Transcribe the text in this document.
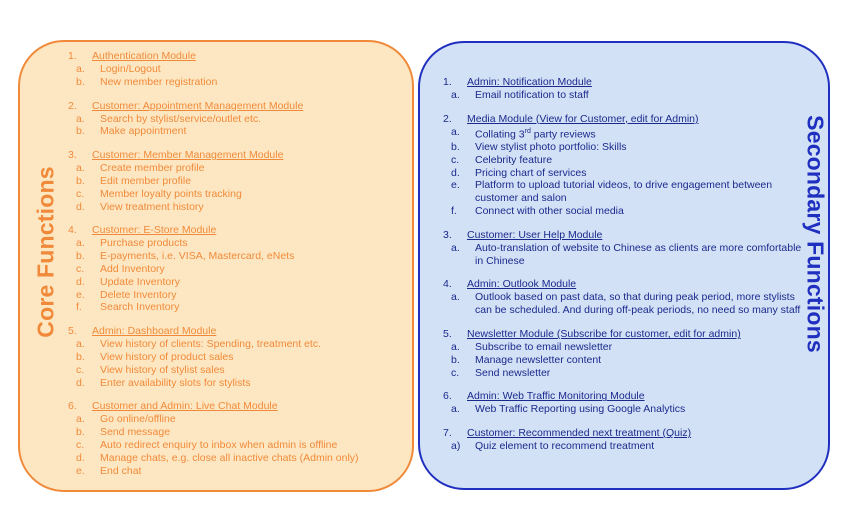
Core Functions	Secondary Functions
1.	Authentication Module
a.	Login/Logout
b.	New member registration
2.	Customer: Appointment Management Module
a.	Search by stylist/service/outlet etc.
b.	Make appointment
3.	Customer: Member Management Module
a.	Create member profile
b.	Edit member profile
c.	Member loyalty points tracking
d.	View treatment history
4.	Customer: E-Store Module
a.	Purchase products
b.	E-payments, i.e. VISA, Mastercard, eNets
c.	Add Inventory
d.	Update Inventory
e.	Delete Inventory
f.	Search Inventory
5.	Admin: Dashboard Module
a.	View history of clients: Spending, treatment etc.
b.	View history of product sales
c.	View history of stylist sales
d.	Enter availability slots for stylists
6.	Customer and Admin: Live Chat Module
a.	Go online/offline
b.	Send message
c.	Auto redirect enquiry to inbox when admin is offline
d.	Manage chats, e.g. close all inactive chats (Admin only)
e.	End chat
1.	Admin: Notification Module
a.	Email notification to staff
2.	Media Module (View for Customer, edit for Admin)
a.	Collating 3rd party reviews
b.	View stylist photo portfolio: Skills
c.	Celebrity feature
d.	Pricing chart of services
e.	Platform to upload tutorial videos, to drive engagement between customer and salon
f.	Connect with other social media
3.	Customer: User Help Module
a.	Auto-translation of website to Chinese as clients are more comfortable in Chinese
4.	Admin: Outlook Module
a.	Outlook based on past data, so that during peak period, more stylists can be scheduled. And during off-peak periods, no need so many staff
5.	Newsletter Module (Subscribe for customer, edit for admin)
a.	Subscribe to email newsletter
b.	Manage newsletter content
c.	Send newsletter
6.	Admin: Web Traffic Monitoring Module
a.	Web Traffic Reporting using Google Analytics
7.	Customer: Recommended next treatment (Quiz)
a)	Quiz element to recommend treatment
